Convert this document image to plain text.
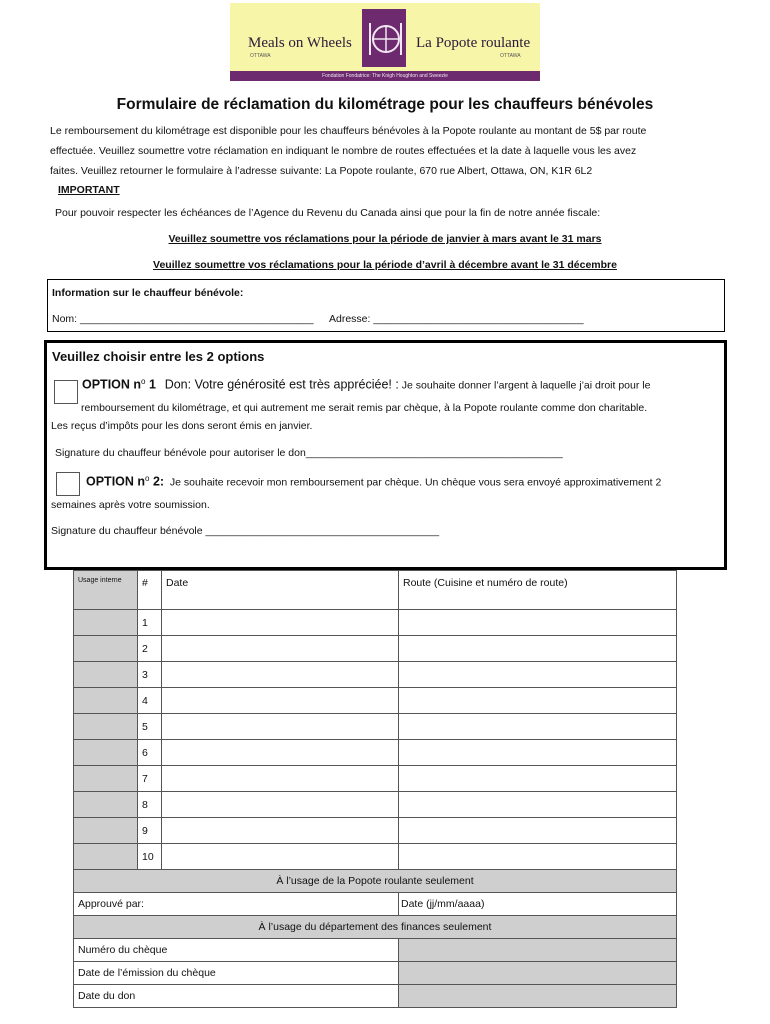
Meals on Wheels
OTTAWA
La Popote roulante
OTTAWA
Fondation Fondatrice: The Knigh Houghton and Sweezie
Formulaire de réclamation du kilométrage pour les chauffeurs bénévoles
Le remboursement du kilométrage est disponible pour les chauffeurs bénévoles à la Popote roulante au montant de 5$ par route
effectuée. Veuillez soumettre votre réclamation en indiquant le nombre de routes effectuées et la date à laquelle vous les avez
faites. Veuillez retourner le formulaire à l’adresse suivante: La Popote roulante, 670 rue Albert, Ottawa, ON, K1R 6L2
IMPORTANT
Pour pouvoir respecter les échéances de l’Agence du Revenu du Canada ainsi que pour la fin de notre année fiscale:
Veuillez soumettre vos réclamations pour la période de janvier à mars avant le 31 mars
Veuillez soumettre vos réclamations pour la période d’avril à décembre avant le 31 décembre
Information sur le chauffeur bénévole:
Nom: ________________________________________ Adresse: ____________________________________
Veuillez choisir entre les 2 options
OPTION $n^o$ 1 Don: Votre générosité est très appréciée! : Je souhaite donner l’argent à laquelle j’ai droit pour le
remboursement du kilométrage, et qui autrement me serait remis par chèque, à la Popote roulante comme don charitable.
Les reçus d’impôts pour les dons seront émis en janvier.
Signature du chauffeur bénévole pour autoriser le don____________________________________________
OPTION $n^o$ 2: Je souhaite recevoir mon remboursement par chèque. Un chèque vous sera envoyé approximativement 2
semaines après votre soumission.
Signature du chauffeur bénévole ________________________________________
Usage interne	#	Date	Route (Cuisine et numéro de route)
	1		
	2		
	3		
	4		
	5		
	6		
	7		
	8		
	9		
	10		
À l’usage de la Popote roulante seulement			
Approuvé par:			Date (jj/mm/aaaa)
À l’usage du département des finances seulement			
Numéro du chèque			
Date de l’émission du chèque			
Date du don			
